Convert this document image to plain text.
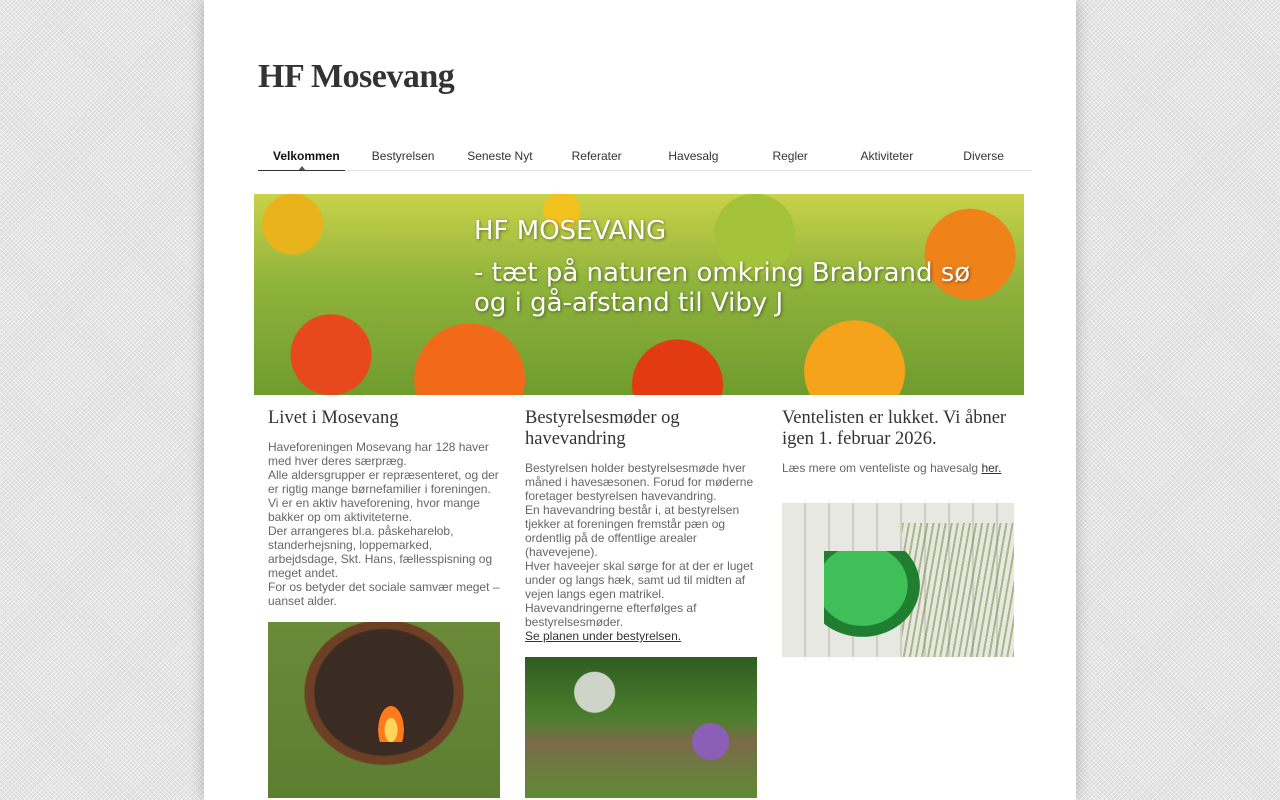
HF Mosevang
Velkommen	Bestyrelsen	Seneste Nyt	Referater	Havesalg	Regler	Aktiviteter	Diverse
HF MOSEVANG
- tæt på naturen omkring Brabrand sø
og i gå-afstand til Viby J
Livet i Mosevang

Haveforeningen Mosevang har 128 haver med hver deres særpræg.

Alle aldersgrupper er repræsenteret, og der er rigtig mange børnefamilier i foreningen.

Vi er en aktiv haveforening, hvor mange bakker op om aktiviteterne.

Der arrangeres bl.a. påskeharelob, standerhejsning, loppemarked, arbejdsdage, Skt. Hans, fællesspisning og meget andet.

For os betyder det sociale samvær meget – uanset alder.

Bestyrelsesmøder og havevandring

Bestyrelsen holder bestyrelsesmøde hver måned i havesæsonen. Forud for møderne foretager bestyrelsen havevandring.

En havevandring består i, at bestyrelsen tjekker at foreningen fremstår pæn og ordentlig på de offentlige arealer (havevejene).

Hver haveejer skal sørge for at der er luget under og langs hæk, samt ud til midten af vejen langs egen matrikel.

Havevandringerne efterfølges af bestyrelsesmøder.

Se planen under bestyrelsen.

Ventelisten er lukket. Vi åbner igen 1. februar 2026.

Læs mere om venteliste og havesalg her.
